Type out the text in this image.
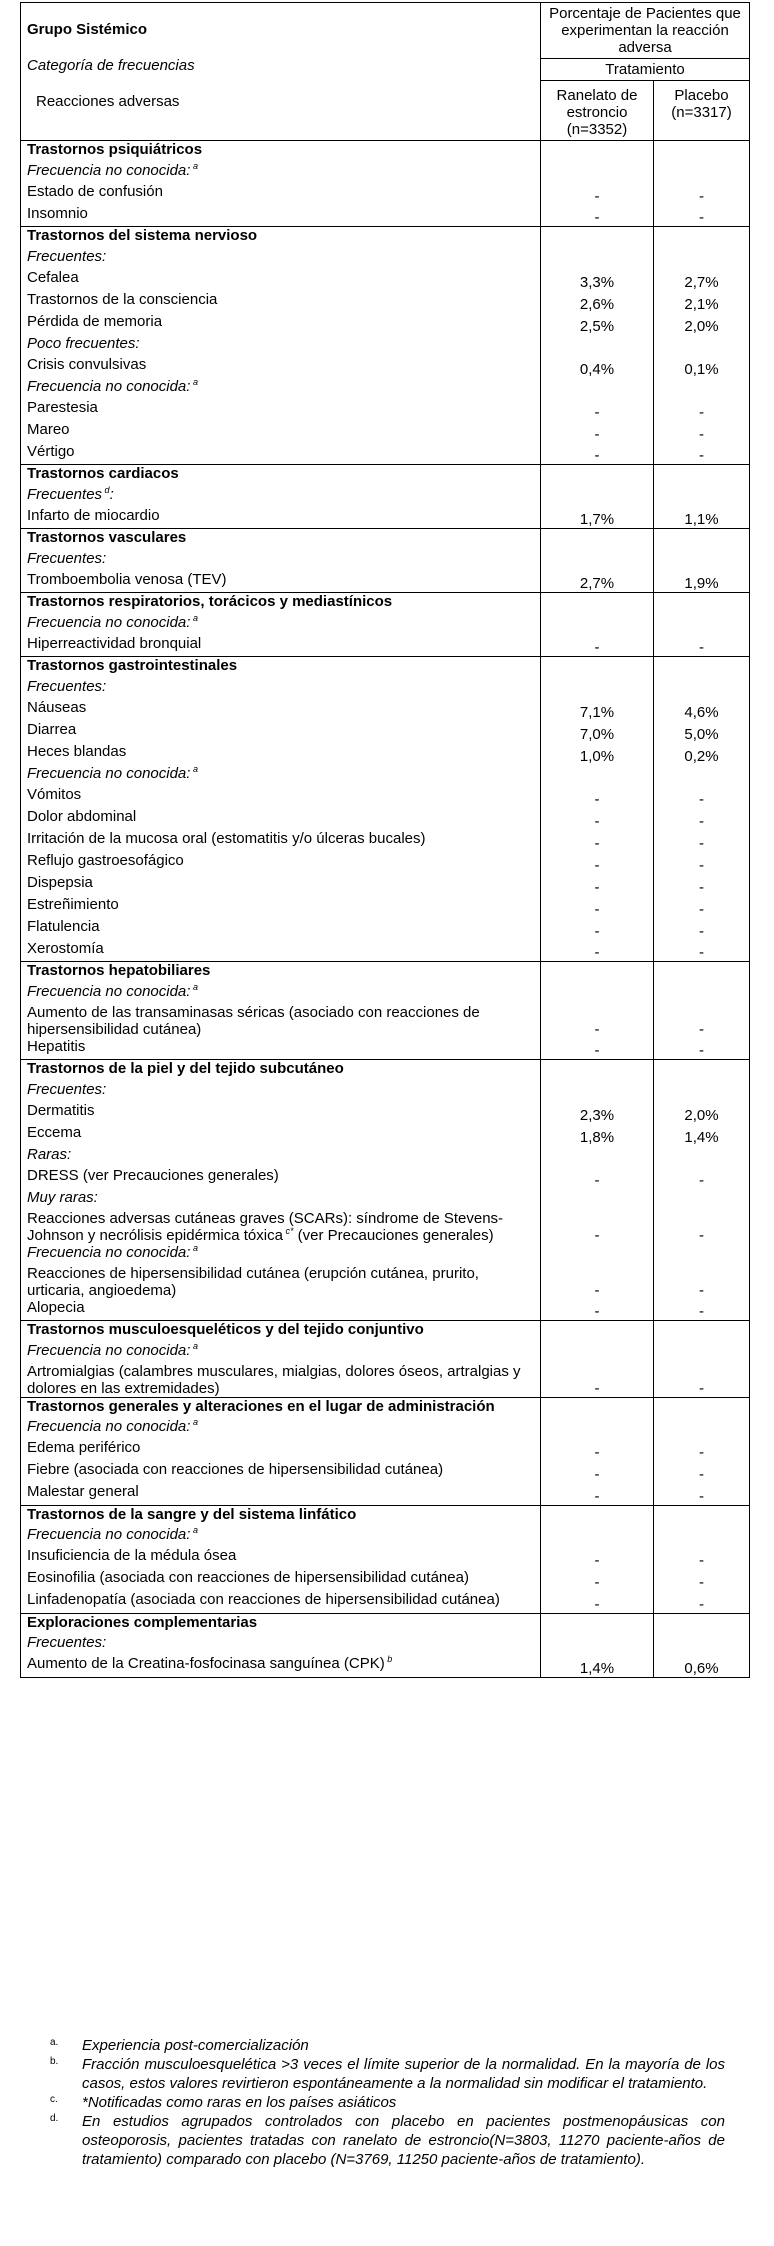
Grupo Sistémico
Categoría de frecuencias
Reacciones adversas	Porcentaje de Pacientes que experimentan la reacción adversa	
	Tratamiento	
	Ranelato de estroncio (n=3352)	Placebo (n=3317)
Trastornos psiquiátricos		
Frecuencia no conocida: $^a$		
Estado de confusión	-	-
Insomnio	-	-
Trastornos del sistema nervioso		
Frecuentes:		
Cefalea	3,3%	2,7%
Trastornos de la consciencia	2,6%	2,1%
Pérdida de memoria	2,5%	2,0%
Poco frecuentes:		
Crisis convulsivas	0,4%	0,1%
Frecuencia no conocida: $^a$		
Parestesia	-	-
Mareo	-	-
Vértigo	-	-
Trastornos cardiacos		
Frecuentes $^d$:		
Infarto de miocardio	1,7%	1,1%
Trastornos vasculares		
Frecuentes:		
Tromboembolia venosa (TEV)	2,7%	1,9%
Trastornos respiratorios, torácicos y mediastínicos		
Frecuencia no conocida: $^a$		
Hiperreactividad bronquial	-	-
Trastornos gastrointestinales		
Frecuentes:		
Náuseas	7,1%	4,6%
Diarrea	7,0%	5,0%
Heces blandas	1,0%	0,2%
Frecuencia no conocida: $^a$		
Vómitos	-	-
Dolor abdominal	-	-
Irritación de la mucosa oral (estomatitis y/o úlceras bucales)	-	-
Reflujo gastroesofágico	-	-
Dispepsia	-	-
Estreñimiento	-	-
Flatulencia	-	-
Xerostomía	-	-
Trastornos hepatobiliares		
Frecuencia no conocida: $^a$		
Aumento de las transaminasas séricas (asociado con reacciones de hipersensibilidad cutánea)	-	-
Hepatitis	-	-
Trastornos de la piel y del tejido subcutáneo		
Frecuentes:		
Dermatitis	2,3%	2,0%
Eccema	1,8%	1,4%
Raras:		
DRESS (ver Precauciones generales)	-	-
Muy raras:		
Reacciones adversas cutáneas graves (SCARs): síndrome de Stevens-Johnson y necrólisis epidérmica tóxica $^{c*}$ (ver Precauciones generales)	-	-
Frecuencia no conocida: $^a$		
Reacciones de hipersensibilidad cutánea (erupción cutánea, prurito, urticaria, angioedema)	-	-
Alopecia	-	-
Trastornos musculoesqueléticos y del tejido conjuntivo		
Frecuencia no conocida: $^a$		
Artromialgias (calambres musculares, mialgias, dolores óseos, artralgias y dolores en las extremidades)	-	-
Trastornos generales y alteraciones en el lugar de administración		
Frecuencia no conocida: $^a$		
Edema periférico	-	-
Fiebre (asociada con reacciones de hipersensibilidad cutánea)	-	-
Malestar general	-	-
Trastornos de la sangre y del sistema linfático		
Frecuencia no conocida: $^a$		
Insuficiencia de la médula ósea	-	-
Eosinofilia (asociada con reacciones de hipersensibilidad cutánea)	-	-
Linfadenopatía (asociada con reacciones de hipersensibilidad cutánea)	-	-
Exploraciones complementarias		
Frecuentes:		
Aumento de la Creatina-fosfocinasa sanguínea (CPK) $^b$	1,4%	0,6%
a. Experiencia post-comercialización
b. Fracción musculoesquelética >3 veces el límite superior de la normalidad. En la mayoría de los casos, estos valores revirtieron espontáneamente a la normalidad sin modificar el tratamiento.
c. *Notificadas como raras en los países asiáticos
d. En estudios agrupados controlados con placebo en pacientes postmenopáusicas con osteoporosis, pacientes tratadas con ranelato de estroncio(N=3803, 11270 paciente-años de tratamiento) comparado con placebo (N=3769, 11250 paciente-años de tratamiento).
